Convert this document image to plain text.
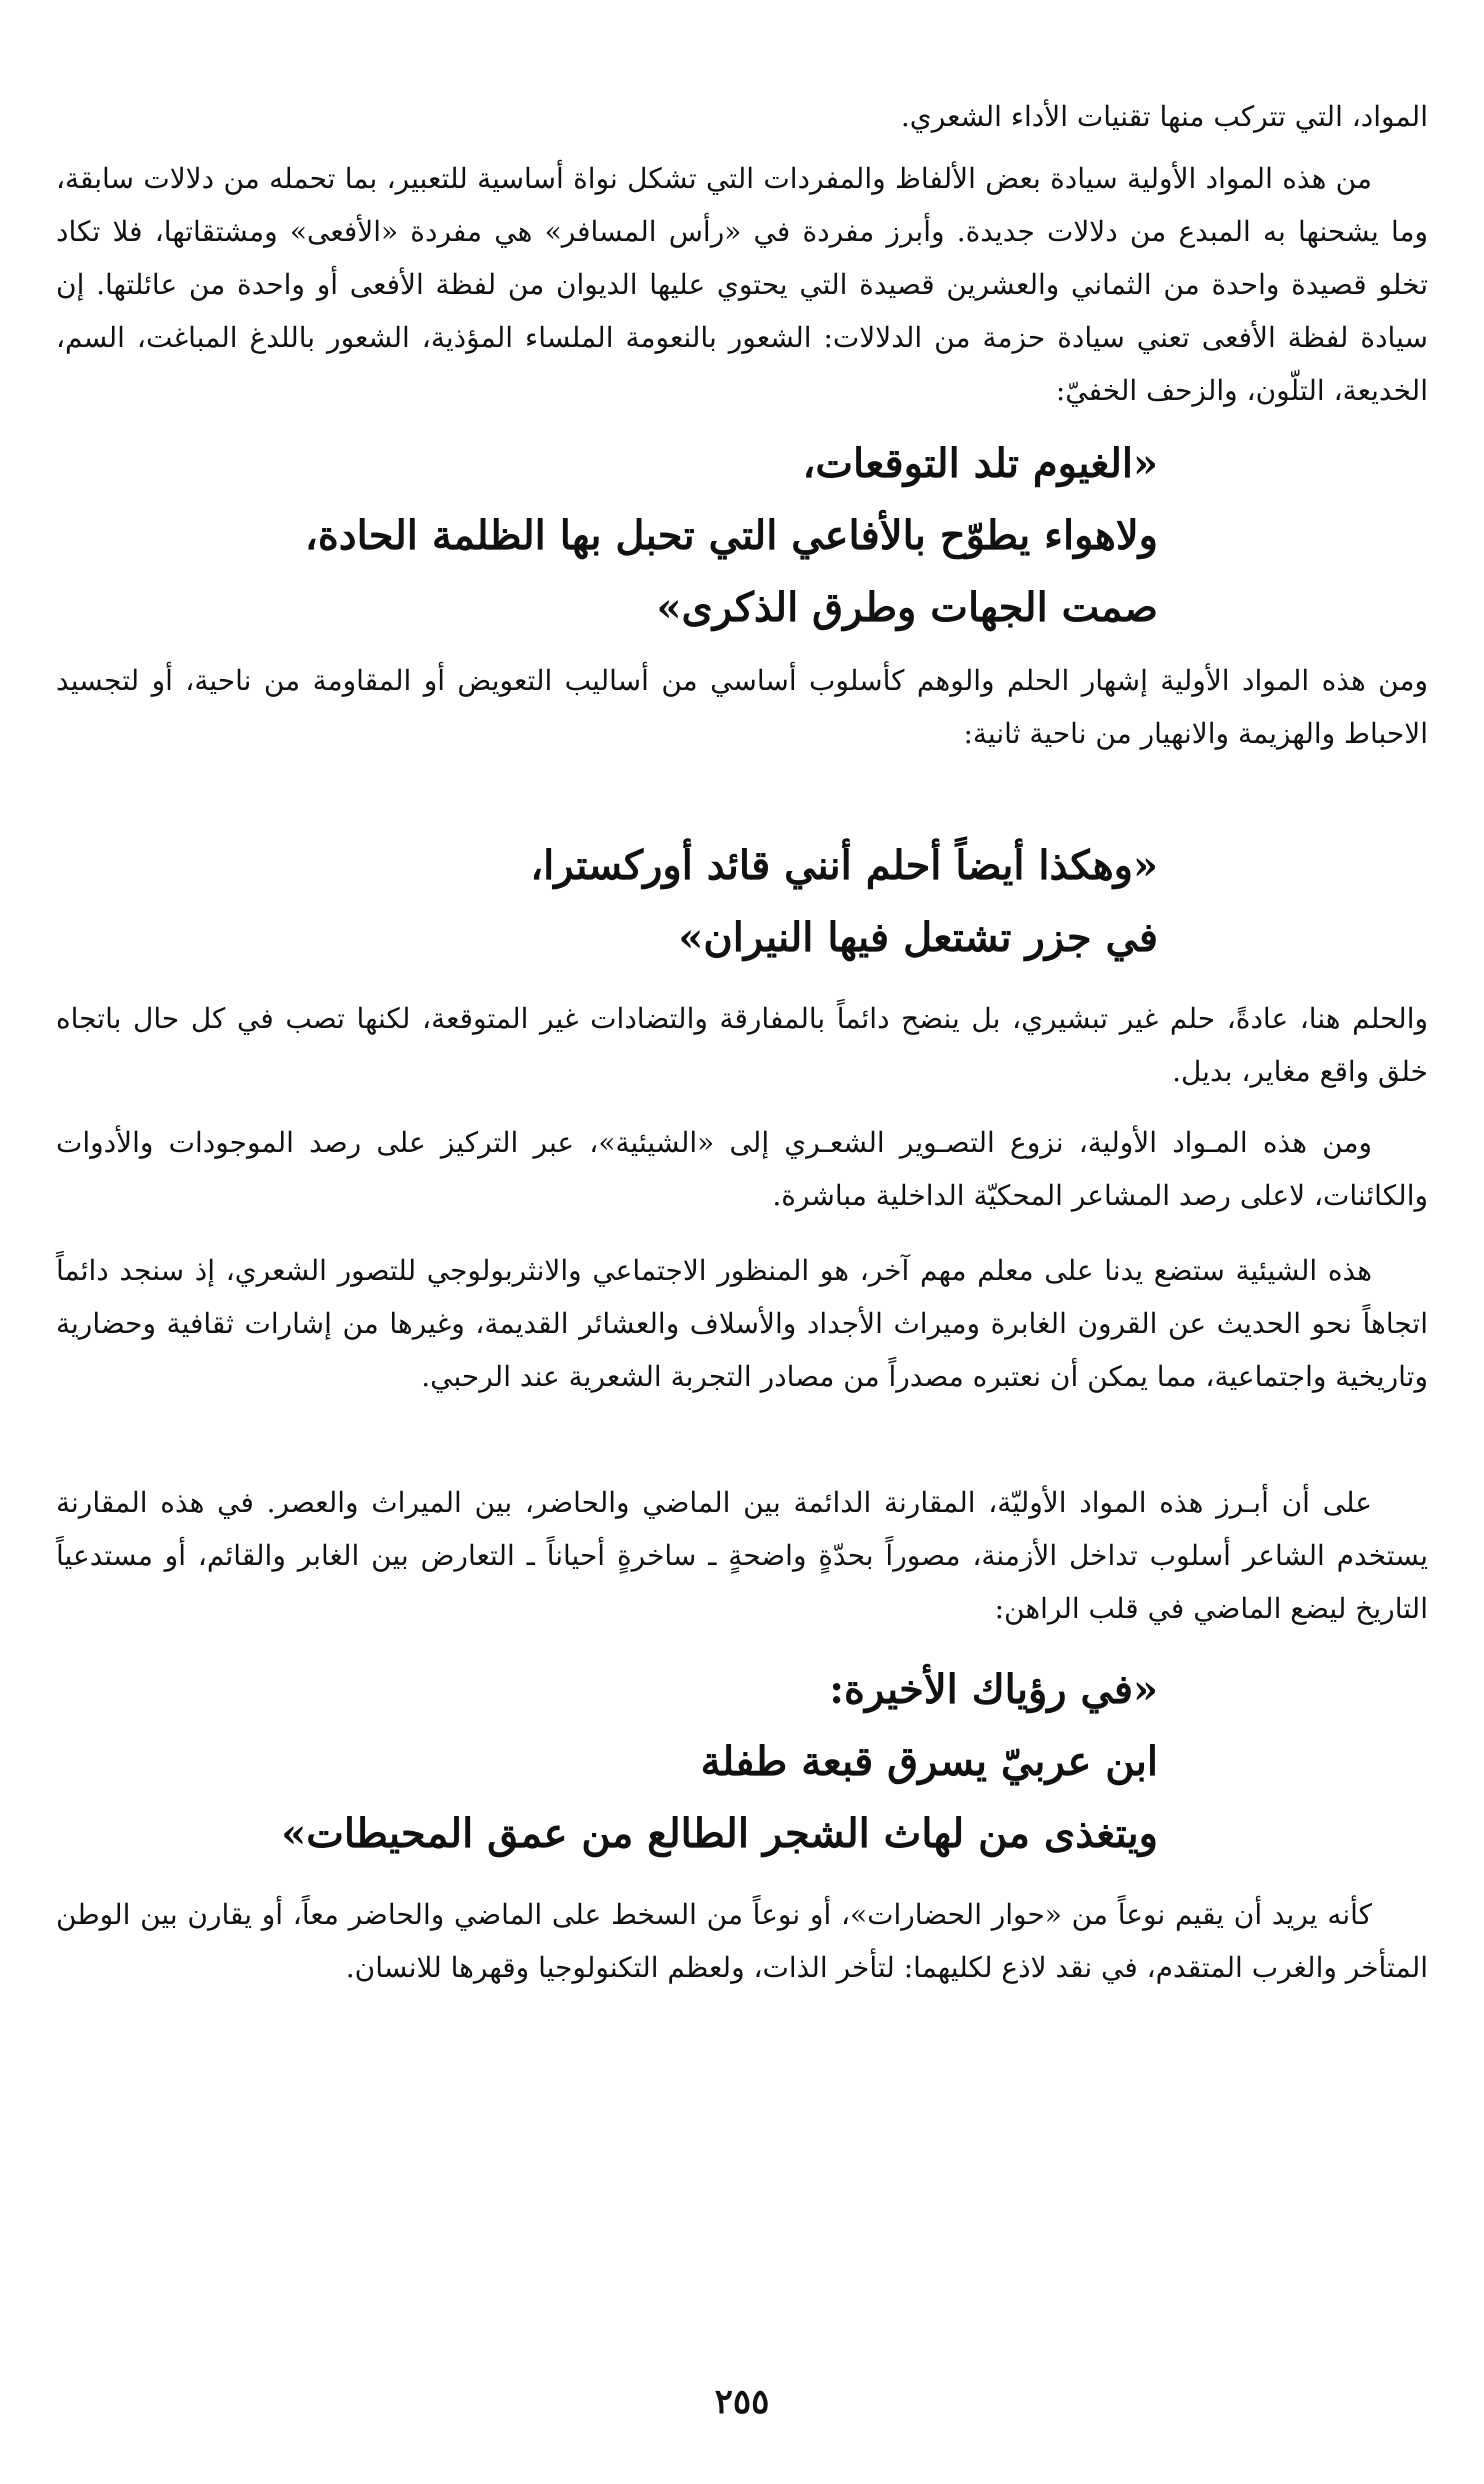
المواد، التي تتركب منها تقنيات الأداء الشعري.

من هذه المواد الأولية سيادة بعض الألفاظ والمفردات التي تشكل نواة أساسية للتعبير، بما تحمله من دلالات سابقة، وما يشحنها به المبدع من دلالات جديدة. وأبرز مفردة في «رأس المسافر» هي مفردة «الأفعى» ومشتقاتها، فلا تكاد تخلو قصيدة واحدة من الثماني والعشرين قصيدة التي يحتوي عليها الديوان من لفظة الأفعى أو واحدة من عائلتها. إن سيادة لفظة الأفعى تعني سيادة حزمة من الدلالات: الشعور بالنعومة الملساء المؤذية، الشعور باللدغ المباغت، السم، الخديعة، التلّون، والزحف الخفيّ:

«الغيوم تلد التوقعات،
ولاهواء يطوّح بالأفاعي التي تحبل بها الظلمة الحادة،
صمت الجهات وطرق الذكرى»

ومن هذه المواد الأولية إشهار الحلم والوهم كأسلوب أساسي من أساليب التعويض أو المقاومة من ناحية، أو لتجسيد الاحباط والهزيمة والانهيار من ناحية ثانية:

«وهكذا أيضاً أحلم أنني قائد أوركسترا،
في جزر تشتعل فيها النيران»

والحلم هنا، عادةً، حلم غير تبشيري، بل ينضح دائماً بالمفارقة والتضادات غير المتوقعة، لكنها تصب في كل حال باتجاه خلق واقع مغاير، بديل.

ومن هذه المـواد الأولية، نزوع التصـوير الشعـري إلى «الشيئية»، عبر التركيز على رصد الموجودات والأدوات والكائنات، لاعلى رصد المشاعر المحكيّة الداخلية مباشرة.

هذه الشيئية ستضع يدنا على معلم مهم آخر، هو المنظور الاجتماعي والانثربولوجي للتصور الشعري، إذ سنجد دائماً اتجاهاً نحو الحديث عن القرون الغابرة وميراث الأجداد والأسلاف والعشائر القديمة، وغيرها من إشارات ثقافية وحضارية وتاريخية واجتماعية، مما يمكن أن نعتبره مصدراً من مصادر التجربة الشعرية عند الرحبي.

على أن أبـرز هذه المواد الأوليّة، المقارنة الدائمة بين الماضي والحاضر، بين الميراث والعصر. في هذه المقارنة يستخدم الشاعر أسلوب تداخل الأزمنة، مصوراً بحدّةٍ واضحةٍ ـ ساخرةٍ أحياناً ـ التعارض بين الغابر والقائم، أو مستدعياً التاريخ ليضع الماضي في قلب الراهن:

«في رؤياك الأخيرة:
ابن عربيّ يسرق قبعة طفلة
ويتغذى من لهاث الشجر الطالع من عمق المحيطات»

كأنه يريد أن يقيم نوعاً من «حوار الحضارات»، أو نوعاً من السخط على الماضي والحاضر معاً، أو يقارن بين الوطن المتأخر والغرب المتقدم، في نقد لاذع لكليهما: لتأخر الذات، ولعظم التكنولوجيا وقهرها للانسان.

٢٥٥
